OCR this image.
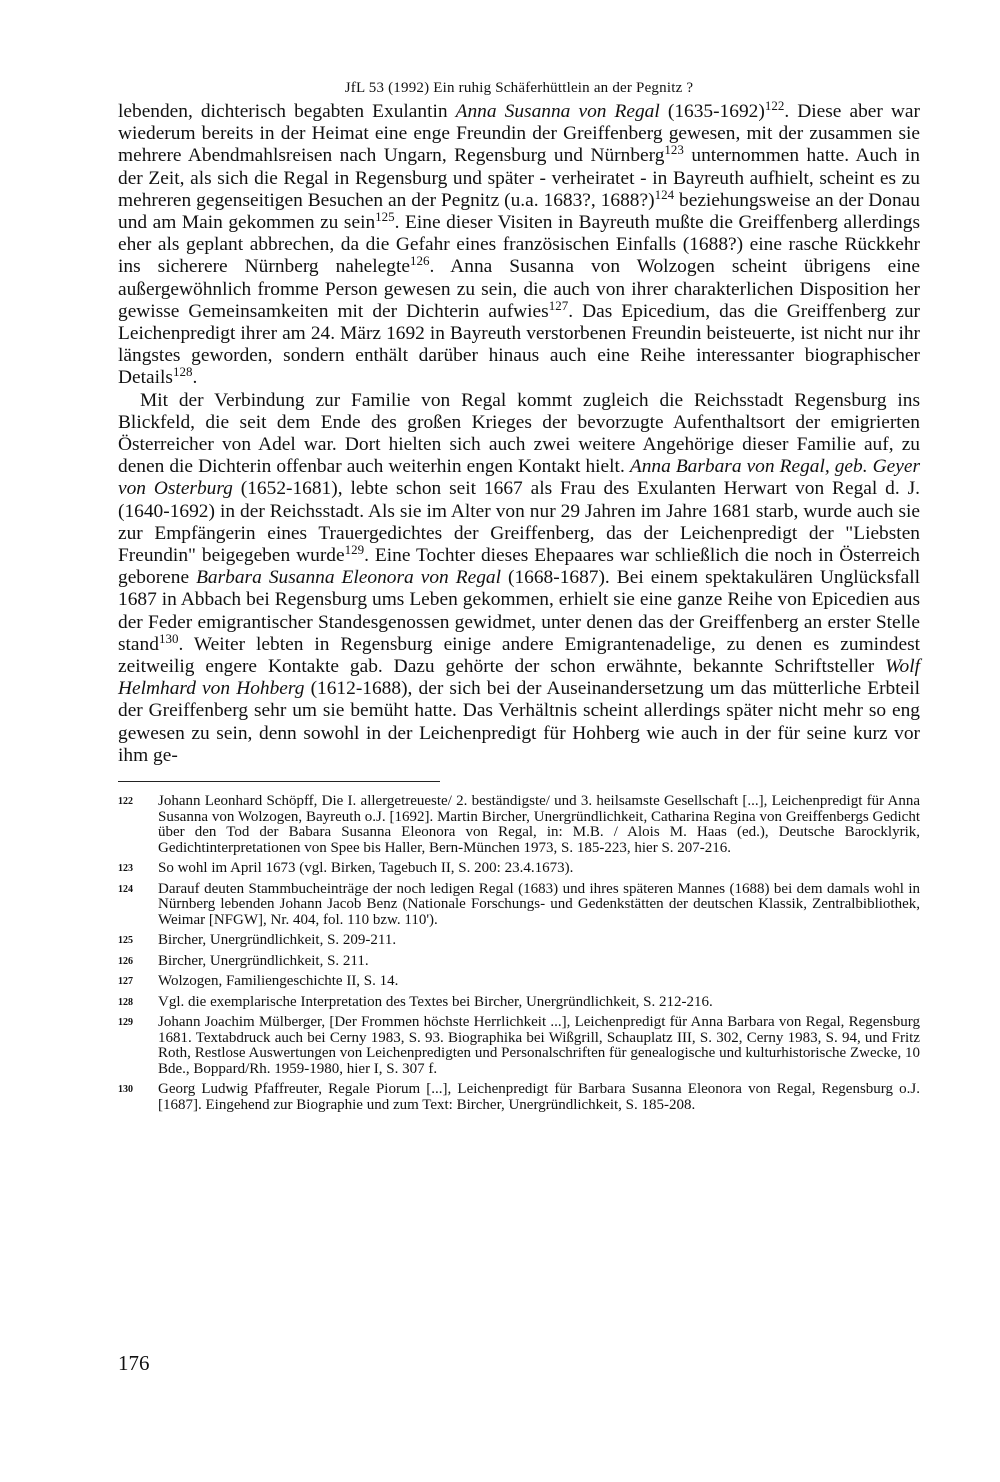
JfL 53 (1992) Ein ruhig Schäferhüttlein an der Pegnitz ?

lebenden, dichterisch begabten Exulantin Anna Susanna von Regal (1635-1692)$^{122}$. Diese aber war wiederum bereits in der Heimat eine enge Freundin der Greiffenberg gewesen, mit der zusammen sie mehrere Abendmahlsreisen nach Ungarn, Regensburg und Nürnberg$^{123}$ unternommen hatte. Auch in der Zeit, als sich die Regal in Regensburg und später - verheiratet - in Bayreuth aufhielt, scheint es zu mehreren gegenseitigen Besuchen an der Pegnitz (u.a. 1683?, 1688?)$^{124}$ beziehungsweise an der Donau und am Main gekommen zu sein$^{125}$. Eine dieser Visiten in Bayreuth mußte die Greiffenberg allerdings eher als geplant abbrechen, da die Gefahr eines französischen Einfalls (1688?) eine rasche Rückkehr ins sicherere Nürnberg nahelegte$^{126}$. Anna Susanna von Wolzogen scheint übrigens eine außergewöhnlich fromme Person gewesen zu sein, die auch von ihrer charakterlichen Disposition her gewisse Gemeinsamkeiten mit der Dichterin aufwies$^{127}$. Das Epicedium, das die Greiffenberg zur Leichenpredigt ihrer am 24. März 1692 in Bayreuth verstorbenen Freundin beisteuerte, ist nicht nur ihr längstes geworden, sondern enthält darüber hinaus auch eine Reihe interessanter biographischer Details$^{128}$.

Mit der Verbindung zur Familie von Regal kommt zugleich die Reichsstadt Regensburg ins Blickfeld, die seit dem Ende des großen Krieges der bevorzugte Aufenthaltsort der emigrierten Österreicher von Adel war. Dort hielten sich auch zwei weitere Angehörige dieser Familie auf, zu denen die Dichterin offenbar auch weiterhin engen Kontakt hielt. Anna Barbara von Regal, geb. Geyer von Osterburg (1652-1681), lebte schon seit 1667 als Frau des Exulanten Herwart von Regal d. J. (1640-1692) in der Reichsstadt. Als sie im Alter von nur 29 Jahren im Jahre 1681 starb, wurde auch sie zur Empfängerin eines Trauergedichtes der Greiffenberg, das der Leichenpredigt der "Liebsten Freundin" beigegeben wurde$^{129}$. Eine Tochter dieses Ehepaares war schließlich die noch in Österreich geborene Barbara Susanna Eleonora von Regal (1668-1687). Bei einem spektakulären Unglücksfall 1687 in Abbach bei Regensburg ums Leben gekommen, erhielt sie eine ganze Reihe von Epicedien aus der Feder emigrantischer Standesgenossen gewidmet, unter denen das der Greiffenberg an erster Stelle stand$^{130}$. Weiter lebten in Regensburg einige andere Emigrantenadelige, zu denen es zumindest zeitweilig engere Kontakte gab. Dazu gehörte der schon erwähnte, bekannte Schriftsteller Wolf Helmhard von Hohberg (1612-1688), der sich bei der Auseinandersetzung um das mütterliche Erbteil der Greiffenberg sehr um sie bemüht hatte. Das Verhältnis scheint allerdings später nicht mehr so eng gewesen zu sein, denn sowohl in der Leichenpredigt für Hohberg wie auch in der für seine kurz vor ihm ge-

122 Johann Leonhard Schöpff, Die I. allergetreueste/ 2. beständigste/ und 3. heilsamste Gesellschaft [...], Leichenpredigt für Anna Susanna von Wolzogen, Bayreuth o.J. [1692]. Martin Bircher, Unergründlichkeit, Catharina Regina von Greiffenbergs Gedicht über den Tod der Babara Susanna Eleonora von Regal, in: M.B. / Alois M. Haas (ed.), Deutsche Barocklyrik, Gedichtinterpretationen von Spee bis Haller, Bern-München 1973, S. 185-223, hier S. 207-216.
123 So wohl im April 1673 (vgl. Birken, Tagebuch II, S. 200: 23.4.1673).
124 Darauf deuten Stammbucheinträge der noch ledigen Regal (1683) und ihres späteren Mannes (1688) bei dem damals wohl in Nürnberg lebenden Johann Jacob Benz (Nationale Forschungs- und Gedenkstätten der deutschen Klassik, Zentralbibliothek, Weimar [NFGW], Nr. 404, fol. 110 bzw. 110').
125 Bircher, Unergründlichkeit, S. 209-211.
126 Bircher, Unergründlichkeit, S. 211.
127 Wolzogen, Familiengeschichte II, S. 14.
128 Vgl. die exemplarische Interpretation des Textes bei Bircher, Unergründlichkeit, S. 212-216.
129 Johann Joachim Mülberger, [Der Frommen höchste Herrlichkeit ...], Leichenpredigt für Anna Barbara von Regal, Regensburg 1681. Textabdruck auch bei Cerny 1983, S. 93. Biographika bei Wißgrill, Schauplatz III, S. 302, Cerny 1983, S. 94, und Fritz Roth, Restlose Auswertungen von Leichenpredigten und Personalschriften für genealogische und kulturhistorische Zwecke, 10 Bde., Boppard/Rh. 1959-1980, hier I, S. 307 f.
130 Georg Ludwig Pfaffreuter, Regale Piorum [...], Leichenpredigt für Barbara Susanna Eleonora von Regal, Regensburg o.J. [1687]. Eingehend zur Biographie und zum Text: Bircher, Unergründlichkeit, S. 185-208.
176
